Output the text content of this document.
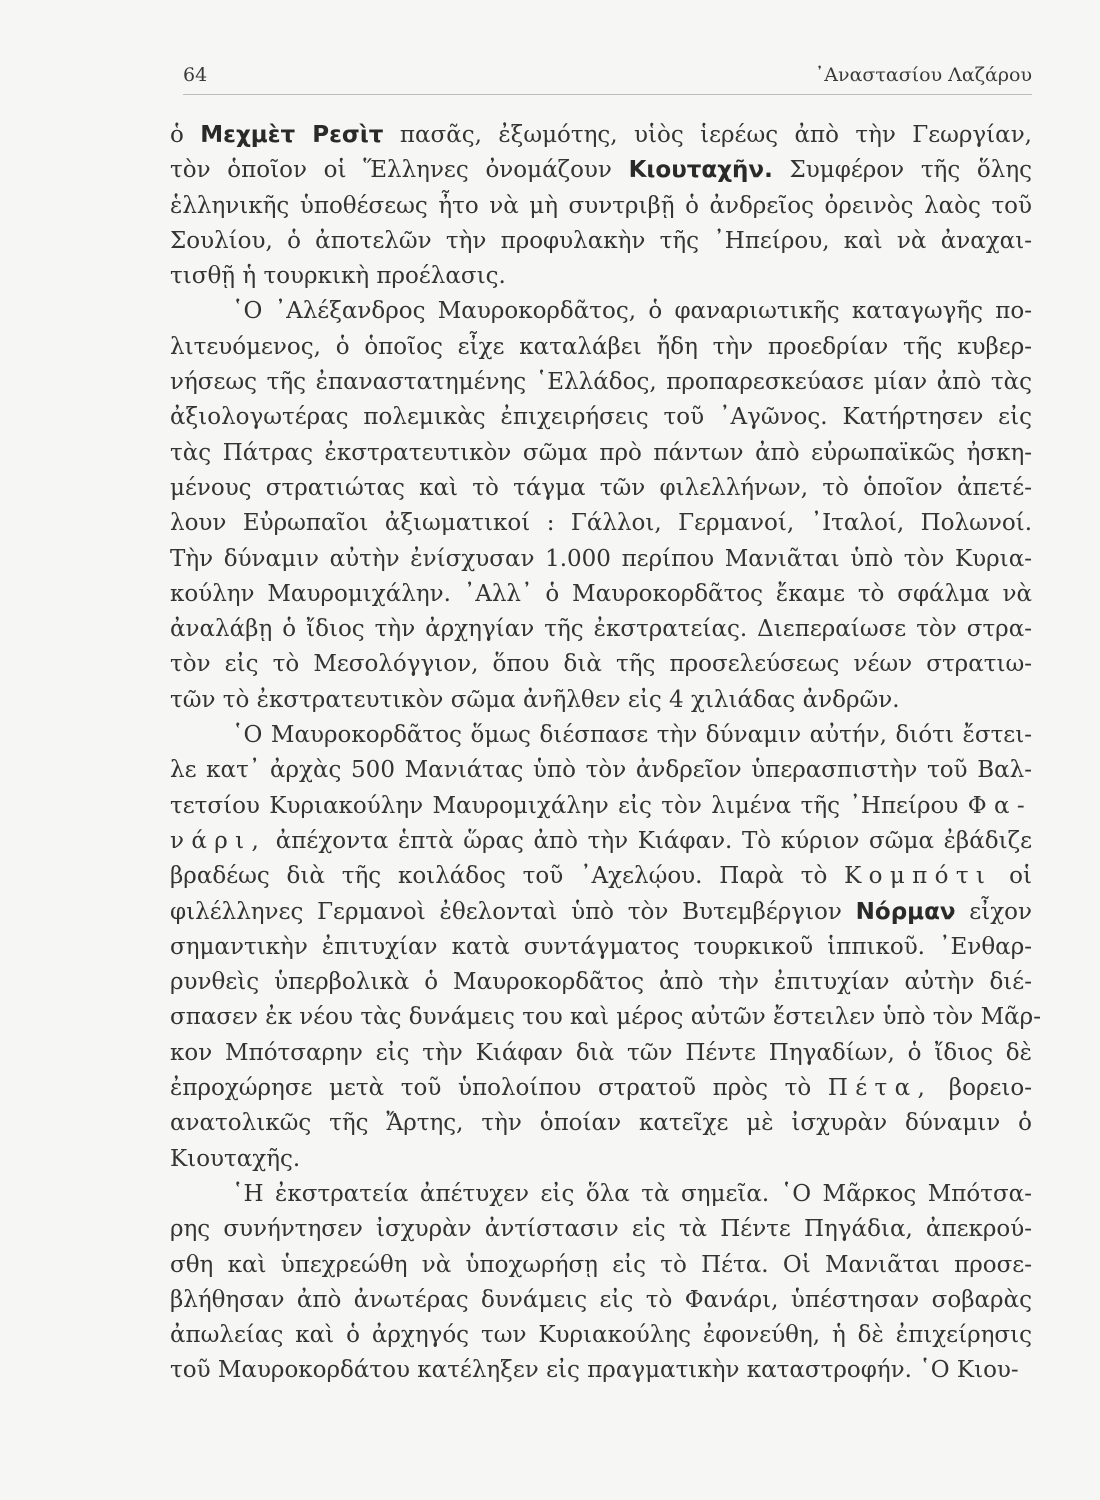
64	᾿Αναστασίου Λαζάρου
ὁ Μεχμὲτ Ρεσὶτ πασᾶς, ἐξωμότης, υἱὸς ἱερέως ἀπὸ τὴν Γεωργίαν,
τὸν ὁποῖον οἱ Ἕλληνες ὀνομάζουν Κιουταχῆν. Συμφέρον τῆς ὅλης
ἑλληνικῆς ὑποθέσεως ἦτο νὰ μὴ συντριβῇ ὁ ἀνδρεῖος ὀρεινὸς λαὸς τοῦ
Σουλίου, ὁ ἀποτελῶν τὴν προφυλακὴν τῆς ᾿Ηπείρου, καὶ νὰ ἀναχαι-
τισθῇ ἡ τουρκικὴ προέλασις.
῾Ο ᾿Αλέξανδρος Μαυροκορδᾶτος, ὁ φαναριωτικῆς καταγωγῆς πο-
λιτευόμενος, ὁ ὁποῖος εἶχε καταλάβει ἤδη τὴν προεδρίαν τῆς κυβερ-
νήσεως τῆς ἐπαναστατημένης ῾Ελλάδος, προπαρεσκεύασε μίαν ἀπὸ τὰς
ἀξιολογωτέρας πολεμικὰς ἐπιχειρήσεις τοῦ ᾿Αγῶνος. Κατήρτησεν εἰς
τὰς Πάτρας ἐκστρατευτικὸν σῶμα πρὸ πάντων ἀπὸ εὐρωπαϊκῶς ἠσκη-
μένους στρατιώτας καὶ τὸ τάγμα τῶν φιλελλήνων, τὸ ὁποῖον ἀπετέ-
λουν Εὐρωπαῖοι ἀξιωματικοί : Γάλλοι, Γερμανοί, ᾿Ιταλοί, Πολωνοί.
Τὴν δύναμιν αὐτὴν ἐνίσχυσαν 1.000 περίπου Μανιᾶται ὑπὸ τὸν Κυρια-
κούλην Μαυρομιχάλην. ᾿Αλλ᾿ ὁ Μαυροκορδᾶτος ἔκαμε τὸ σφάλμα νὰ
ἀναλάβῃ ὁ ἴδιος τὴν ἀρχηγίαν τῆς ἐκστρατείας. Διεπεραίωσε τὸν στρα-
τὸν εἰς τὸ Μεσολόγγιον, ὅπου διὰ τῆς προσελεύσεως νέων στρατιω-
τῶν τὸ ἐκστρατευτικὸν σῶμα ἀνῆλθεν εἰς 4 χιλιάδας ἀνδρῶν.
῾Ο Μαυροκορδᾶτος ὅμως διέσπασε τὴν δύναμιν αὐτήν, διότι ἔστει-
λε κατ᾿ ἀρχὰς 500 Μανιάτας ὑπὸ τὸν ἀνδρεῖον ὑπερασπιστὴν τοῦ Βαλ-
τετσίου Κυριακούλην Μαυρομιχάλην εἰς τὸν λιμένα τῆς ᾿Ηπείρου Φα-
νάρι, ἀπέχοντα ἑπτὰ ὥρας ἀπὸ τὴν Κιάφαν. Τὸ κύριον σῶμα ἐβάδιζε
βραδέως διὰ τῆς κοιλάδος τοῦ ᾿Αχελῴου. Παρὰ τὸ Κομπότι οἱ
φιλέλληνες Γερμανοὶ ἐθελονταὶ ὑπὸ τὸν Βυτεμβέργιον Νόρμαν εἶχον
σημαντικὴν ἐπιτυχίαν κατὰ συντάγματος τουρκικοῦ ἱππικοῦ. ᾿Ενθαρ-
ρυνθεὶς ὑπερβολικὰ ὁ Μαυροκορδᾶτος ἀπὸ τὴν ἐπιτυχίαν αὐτὴν διέ-
σπασεν ἐκ νέου τὰς δυνάμεις του καὶ μέρος αὐτῶν ἔστειλεν ὑπὸ τὸν Μᾶρ-
κον Μπότσαρην εἰς τὴν Κιάφαν διὰ τῶν Πέντε Πηγαδίων, ὁ ἴδιος δὲ
ἐπροχώρησε μετὰ τοῦ ὑπολοίπου στρατοῦ πρὸς τὸ Πέτα, βορειο-
ανατολικῶς τῆς Ἄρτης, τὴν ὁποίαν κατεῖχε μὲ ἰσχυρὰν δύναμιν ὁ
Κιουταχῆς.
῾Η ἐκστρατεία ἀπέτυχεν εἰς ὅλα τὰ σημεῖα. ῾Ο Μᾶρκος Μπότσα-
ρης συνήντησεν ἰσχυρὰν ἀντίστασιν εἰς τὰ Πέντε Πηγάδια, ἀπεκρού-
σθη καὶ ὑπεχρεώθη νὰ ὑποχωρήσῃ εἰς τὸ Πέτα. Οἱ Μανιᾶται προσε-
βλήθησαν ἀπὸ ἀνωτέρας δυνάμεις εἰς τὸ Φανάρι, ὑπέστησαν σοβαρὰς
ἀπωλείας καὶ ὁ ἀρχηγός των Κυριακούλης ἐφονεύθη, ἡ δὲ ἐπιχείρησις
τοῦ Μαυροκορδάτου κατέληξεν εἰς πραγματικὴν καταστροφήν. ῾Ο Κιου-
